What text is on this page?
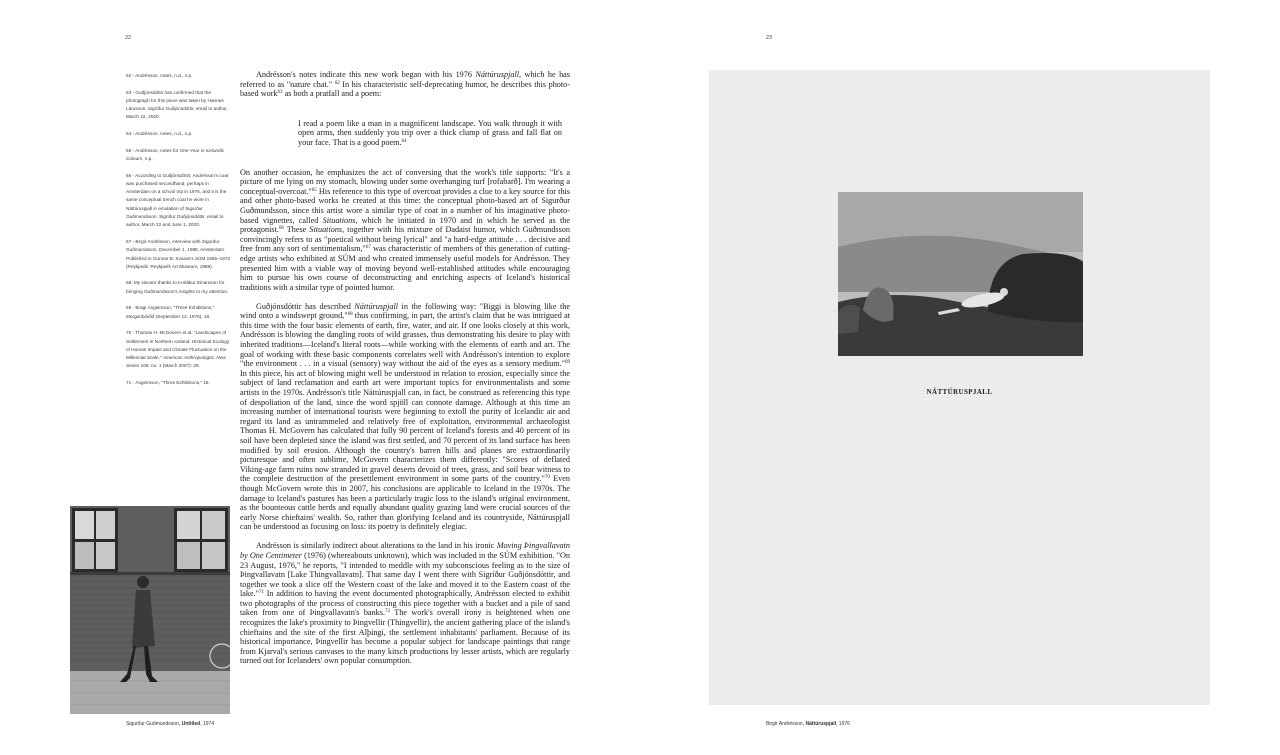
22	23
62 - Andrésson, notes, n.d., n.p.
63 - Guðjónsdóttir has confirmed that the photograph for this piece was taken by Hannes Lárusson. Sigríður Guðjónsdóttir, email to author, March 22, 2020.
64 - Andrésson, notes, n.d., n.p.
65 - Andrésson, notes for One Year in Icelandic Colours, n.p.
66 - According to Guðjónsdóttir, Andrésson's coat was purchased secondhand, perhaps in Amsterdam on a school trip in 1976, and it is the same conceptual trench coat he wore in Náttúruspjall in emulation of Sigurður Guðmundsson. Sigríður Guðjónsdóttir, email to author, March 22 and June 1, 2020.
67 - Birgir Andrésson, interview with Sigurður Guðmundsson, December 1, 1988, Amsterdam. Published in Gunnar B. Kvaran's SÚM 1965–1972 (Reykjavík: Reykjavík Art Museum, 1989).
68. My sincere thanks to Þorlákur Einarsson for bringing Guðmundsson's insights to my attention.
69 - Bragi Ásgeirsson, "Three Exhibitions," Morgunblaðið (September 12, 1976), 18.
70 - Thomas H. McGovern et al, "Landscapes of Settlement in Northern Iceland: Historical Ecology of Human Impact and Climate Fluctuation on the Millennial Scale," American Anthropologist, New Series 109, no. 1 (March 2007): 29.
71 - Ásgeirsson, "Three Exhibitions," 18.
Sigurður Guðmundsson, Untitled, 1974

Andrésson's notes indicate this new work began with his 1976 Náttúruspjall, which he has referred to as "nature chat." $^{62}$ In his characteristic self-deprecating humor, he describes this photo-based work$^{63}$ as both a pratfall and a poem:

I read a poem like a man in a magnificent landscape. You walk through it with open arms, then suddenly you trip over a thick clump of grass and fall flat on your face. That is a good poem.$^{64}$

On another occasion, he emphasizes the act of conversing that the work's title supports: "It's a picture of me lying on my stomach, blowing under some overhanging turf [rofabarð]. I'm wearing a conceptual-overcoat."$^{65}$ His reference to this type of overcoat provides a clue to a key source for this and other photo-based works he created at this time: the conceptual photo-based art of Sigurður Guðmundsson, since this artist wore a similar type of coat in a number of his imaginative photo-based vignettes, called Situations, which he initiated in 1970 and in which he served as the protagonist.$^{66}$ These Situations, together with his mixture of Dadaist humor, which Guðmundsson convincingly refers to as "poetical without being lyrical" and "a hard-edge attitude . . . decisive and free from any sort of sentimentalism,"$^{67}$ was characteristic of members of this generation of cutting-edge artists who exhibited at SÚM and who created immensely useful models for Andrésson. They presented him with a viable way of moving beyond well-established attitudes while encouraging him to pursue his own course of deconstructing and enriching aspects of Iceland's historical traditions with a similar type of pointed humor.

Guðjónsdóttir has described Náttúruspjall in the following way: "Biggi is blowing like the wind onto a windswept ground,"$^{68}$ thus confirming, in part, the artist's claim that he was intrigued at this time with the four basic elements of earth, fire, water, and air. If one looks closely at this work, Andrésson is blowing the dangling roots of wild grasses, thus demonstrating his desire to play with inherited traditions—Iceland's literal roots—while working with the elements of earth and art. The goal of working with these basic components correlates well with Andrésson's intention to explore "the environment . . . in a visual (sensory) way without the aid of the eyes as a sensory medium."$^{69}$ In this piece, his act of blowing might well be understood in relation to erosion, especially since the subject of land reclamation and earth art were important topics for environmentalists and some artists in the 1970s. Andrésson's title Náttúruspjall can, in fact, be construed as referencing this type of despoliation of the land, since the word spjöll can connote damage. Although at this time an increasing number of international tourists were beginning to extoll the purity of Icelandic air and regard its land as untrammeled and relatively free of exploitation, environmental archaeologist Thomas H. McGovern has calculated that fully 90 percent of Iceland's forests and 40 percent of its soil have been depleted since the island was first settled, and 70 percent of its land surface has been modified by soil erosion. Although the country's barren hills and planes are extraordinarily picturesque and often sublime, McGovern characterizes them differently: "Scores of deflated Viking-age farm ruins now stranded in gravel deserts devoid of trees, grass, and soil bear witness to the complete destruction of the presettlement environment in some parts of the country."$^{70}$ Even though McGovern wrote this in 2007, his conclusions are applicable to Iceland in the 1970s. The damage to Iceland's pastures has been a particularly tragic loss to the island's original environment, as the bounteous cattle herds and equally abundant quality grazing land were crucial sources of the early Norse chieftains' wealth. So, rather than glorifying Iceland and its countryside, Náttúruspjall can be understood as focusing on loss: its poetry is definitely elegiac.

Andrésson is similarly indirect about alterations to the land in his ironic Moving Þingvallavatn by One Centimeter (1976) (whereabouts unknown), which was included in the SÚM exhibition. "On 23 August, 1976," he reports, "I intended to meddle with my subconscious feeling as to the size of Þingvallavatn [Lake Thingvallavatn]. That same day I went there with Sigríður Guðjónsdóttir, and together we took a slice off the Western coast of the lake and moved it to the Eastern coast of the lake."$^{71}$ In addition to having the event documented photographically, Andrésson elected to exhibit two photographs of the process of constructing this piece together with a bucket and a pile of sand taken from one of Þingvallavatn's banks.$^{72}$ The work's overall irony is heightened when one recognizes the lake's proximity to Þingvellir (Thingvellir), the ancient gathering place of the island's chieftains and the site of the first Alþingi, the settlement inhabitants' parliament. Because of its historical importance, Þingvellir has become a popular subject for landscape paintings that range from Kjarval's serious canvases to the many kitsch productions by lesser artists, which are regularly turned out for Icelanders' own popular consumption.

NÁTTÚRUSPJALL
Birgir Andrésson, Náttúruspjall, 1976
